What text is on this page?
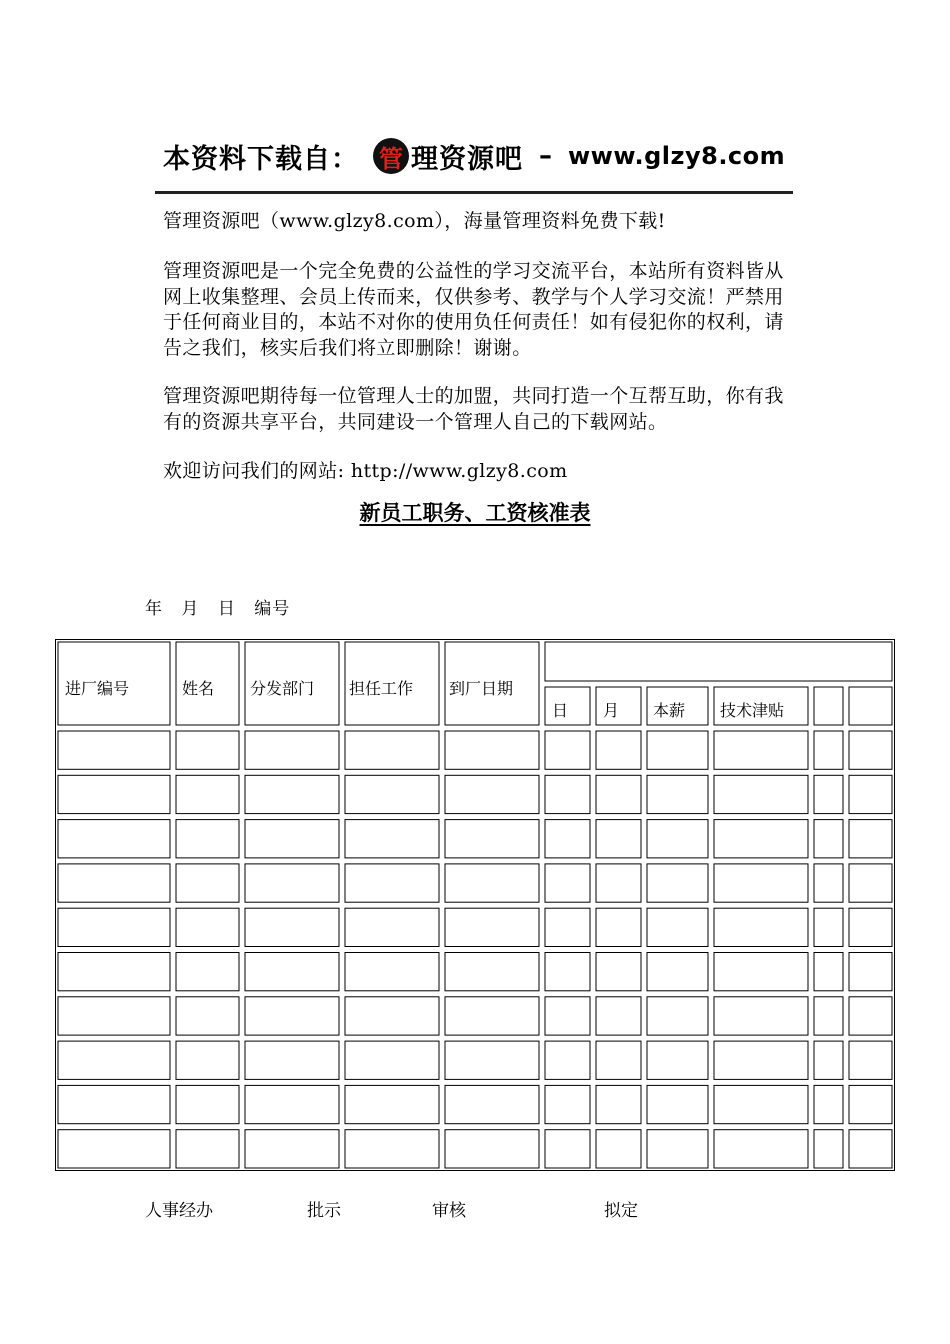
本资料下载自： 管 理资源吧 – www.glzy8.com
管理资源吧（www.glzy8.com），海量管理资料免费下载!
管理资源吧是一个完全免费的公益性的学习交流平台，本站所有资料皆从网上收集整理、会员上传而来，仅供参考、教学与个人学习交流！严禁用于任何商业目的，本站不对你的使用负任何责任！如有侵犯你的权利，请告之我们，核实后我们将立即删除！谢谢。
管理资源吧期待每一位管理人士的加盟，共同打造一个互帮互助，你有我有的资源共享平台，共同建设一个管理人自己的下载网站。
欢迎访问我们的网站: http://www.glzy8.com
新员工职务、工资核准表
年 月 日 编号
进厂编号	姓名 分发部门 担任工作 到厂日期
日 月 本薪 技术津贴
人事经办	批示	审核	拟定
